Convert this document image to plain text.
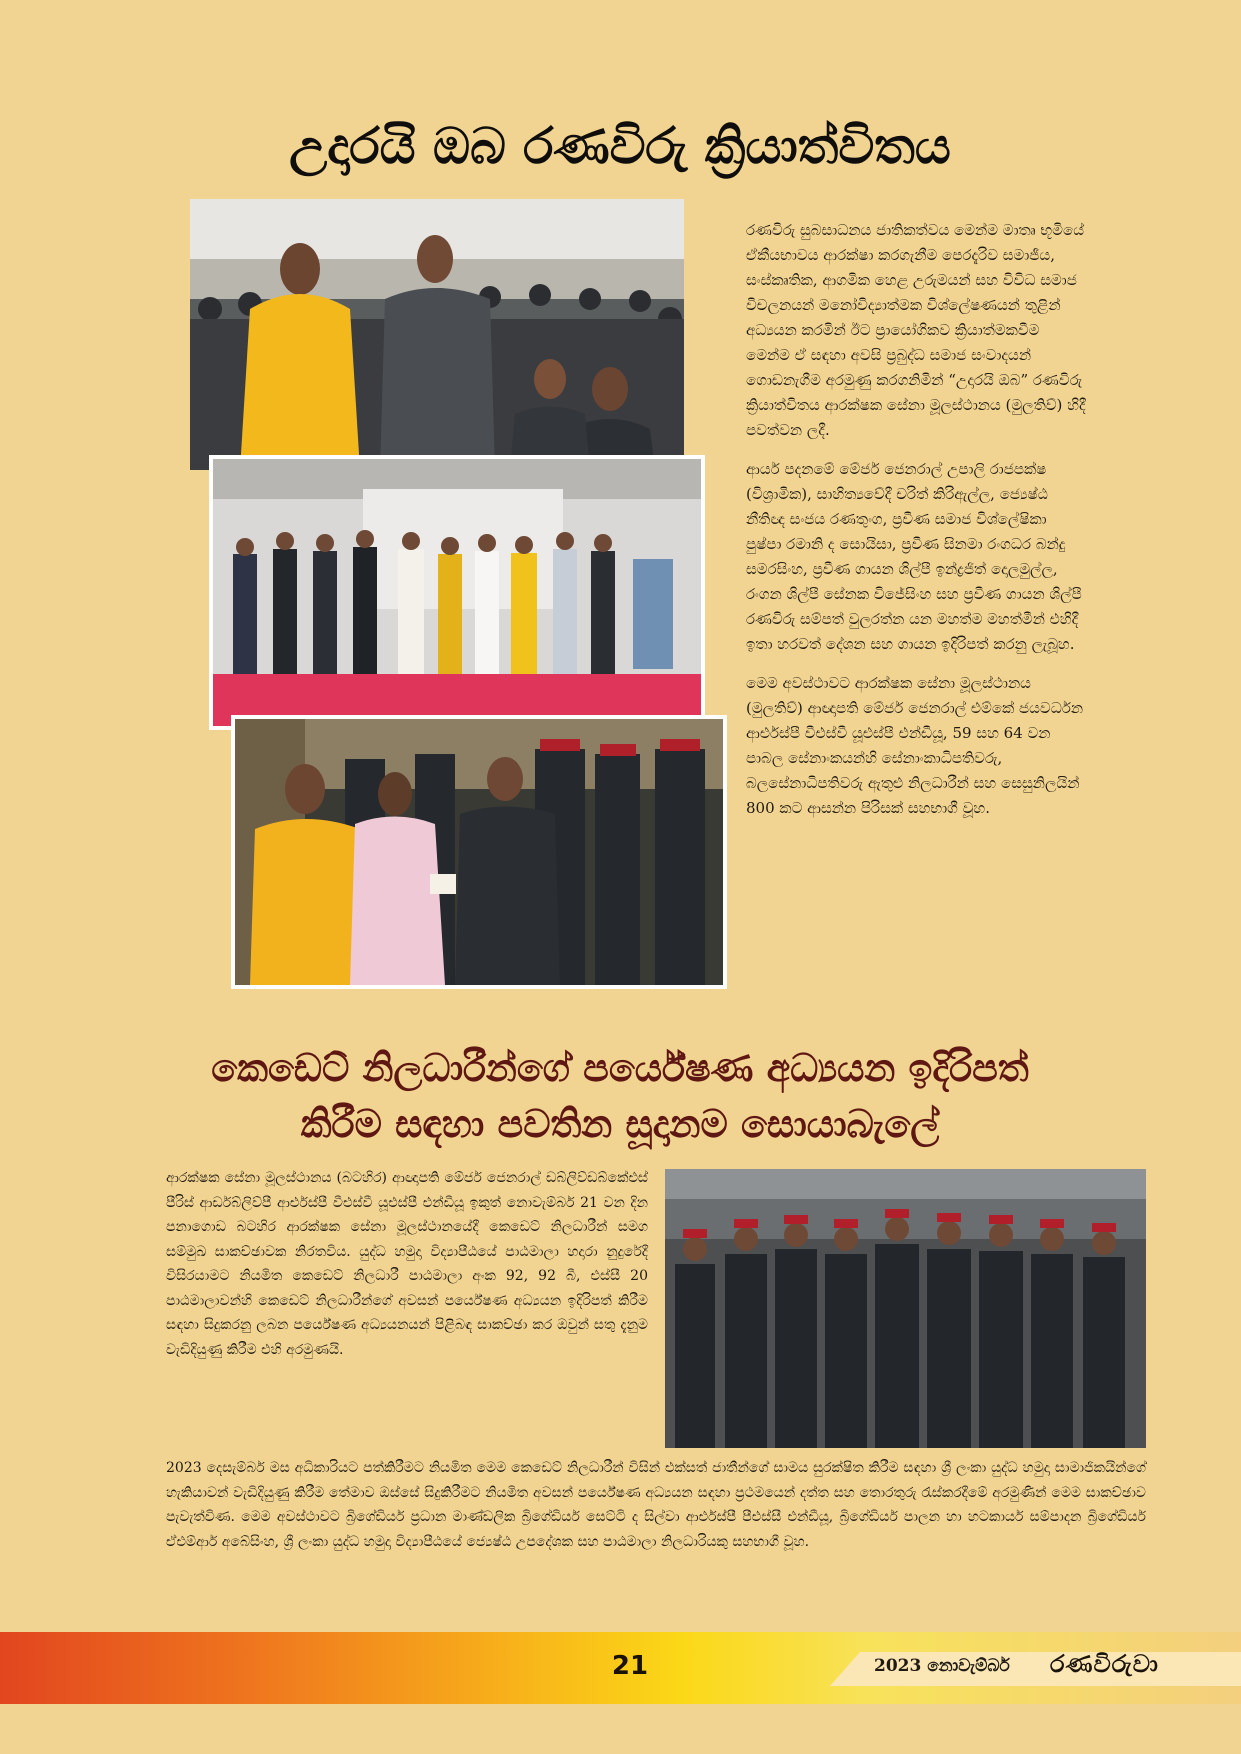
උදාරයි ඔබ රණවිරු ක්‍රියාත්විතය

රණවිරු සුබසාධනය ජාතිකත්වය මෙන්ම මාතෘ භූමියේ ඒකීයභාවය ආරක්ෂා කරගැනීම පෙරදැරිව සමාජීය, සංස්කෘතික, ආගමික හෙළ උරුමයන් සහ විවිධ සමාජ විචලනයන් මනෝවිද්‍යාත්මක විශ්ලේෂණයන් තුළින් අධ්‍යයන කරමින් ඊට ප්‍රායෝගිකව ක්‍රියාත්මකවීම මෙන්ම ඒ සඳහා අවසි ප්‍රබුද්ධ සමාජ සංවාදයන් ගොඩනැගීම අරමුණු කරගනිමින් “උදාරයි ඔබ” රණවිරු ක්‍රියාත්විතය ආරක්ෂක සේනා මූලස්ථානය (මුලතිව්) හිදී පවත්වන ලදී.

ආර්ය පදනමේ මේජර් ජෙනරාල් උපාලි රාජපක්ෂ (විශ්‍රාමික), සාහිත්‍යවේදී චරිත් කිරිඇල්ල, ජ්‍යෙෂ්ඨ නීතිඥ සංජය රණතුංග, ප්‍රවීණ සමාජ විශ්ලේෂිකා පුෂ්පා රමානි ද සොයිසා, ප්‍රවීණ සිනමා රංගධර බන්දු සමරසිංහ, ප්‍රවීණ ගායන ශිල්පී ඉන්ද්‍රජිත් දොලමුල්ල, රංගන ශිල්පී සේනක විජේසිංහ සහ ප්‍රවීණ ගායන ශිල්පී රණවිරු සම්පත් වුලරත්න යන මහත්ම මහත්මීන් එහිදී ඉතා හරවත් දේශන සහ ගායන ඉදිරිපත් කරනු ලැබූහ.

මෙම අවස්ථාවට ආරක්ෂක සේනා මූලස්ථානය (මුලතිව්) ආඥාපති මේජර් ජෙනරාල් එම්කේ ජයවර්ධන ආර්එස්පී වීඑස්වී යූඑස්පී එන්ඩීයූ, 59 සහ 64 වන පාබල සේනාංකයන්හි සේනාංකාධිපතිවරු, බලසේනාධිපතිවරු ඇතුළු නිලධාරීන් සහ සෙසුනිලයින් 800 කට ආසන්න පිරිසක් සහභාගී වූහ.

කෙඩෙට් නිලධාරීන්ගේ පර්යේෂණ අධ්‍යයන ඉදිරිපත්
කිරීම සඳහා පවතින සූදානම සොයාබැලේ

ආරක්ෂක සේනා මූලස්ථානය (බටහිර) ආඥාපති මේජර් ජෙනරාල් ඩබ්ලිව්ඩබ්කේඑස් පීරිස් ආර්ඩබ්ලිව්පී ආර්එස්පී වීඑස්වී යූඑස්පී එන්ඩීයූ ඉකුත් නොවැම්බර් 21 වන දින පනාගොඩ බටහිර ආරක්ෂක සේනා මූලස්ථානයේදී කෙඩෙට් නිලධාරීන් සමග සම්මුඛ සාකච්ඡාවක නිරතවිය. යුද්ධ හමුදා විද්‍යාපීඨයේ පාඨමාලා හදාරා නුදුරේදී විසිරයාමට නියමිත කෙඩෙට් නිලධාරී පාඨමාලා අංක 92, 92 බී, එස්සී 20 පාඨමාලාවන්හි කෙඩෙට් නිලධාරීන්ගේ අවසන් පර්යේෂණ අධ්‍යයන ඉදිරිපත් කිරීම සඳහා සිදුකරනු ලබන පර්යේෂණ අධ්‍යයනයන් පිළිබඳ සාකච්ඡා කර ඔවුන් සතු දැනුම වැඩිදියුණු කිරීම එහි අරමුණයි.

2023 දෙසැම්බර් මස අධිකාරියට පත්කිරීමට නියමිත මෙම කෙඩෙට් නිලධාරීන් විසින් එක්සත් ජාතීන්ගේ සාමය සුරක්ෂිත කිරීම සඳහා ශ්‍රී ලංකා යුද්ධ හමුදා සාමාජිකයින්ගේ හැකියාවන් වැඩිදියුණු කිරීම තේමාව ඔස්සේ සිදුකිරීමට නියමිත අවසන් පර්යේෂණ අධ්‍යයන සඳහා ප්‍රථමයෙන් දත්ත සහ තොරතුරු රැස්කරදීමේ අරමුණින් මෙම සාකච්ඡාව පැවැත්විණ. මෙම අවස්ථාවට බ්‍රිගේඩියර් ප්‍රධාන මාණ්ඩලික බ්‍රිගේඩියර් සෙට්ටි ද සිල්වා ආර්එස්පී පීඑස්සී එන්ඩීයූ, බ්‍රිගේඩියර් පාලන හා හටකාර්ය සම්පාදන බ්‍රිගේඩියර් ඒඑම්ආර් අබේසිංහ, ශ්‍රී ලංකා යුද්ධ හමුදා විද්‍යාපීඨයේ ජ්‍යෙෂ්ඨ උපදේශක සහ පාඨමාලා නිලධාරියකු සහභාගී වූහ.

21	2023 නොවැම්බර් රණවිරුවා
